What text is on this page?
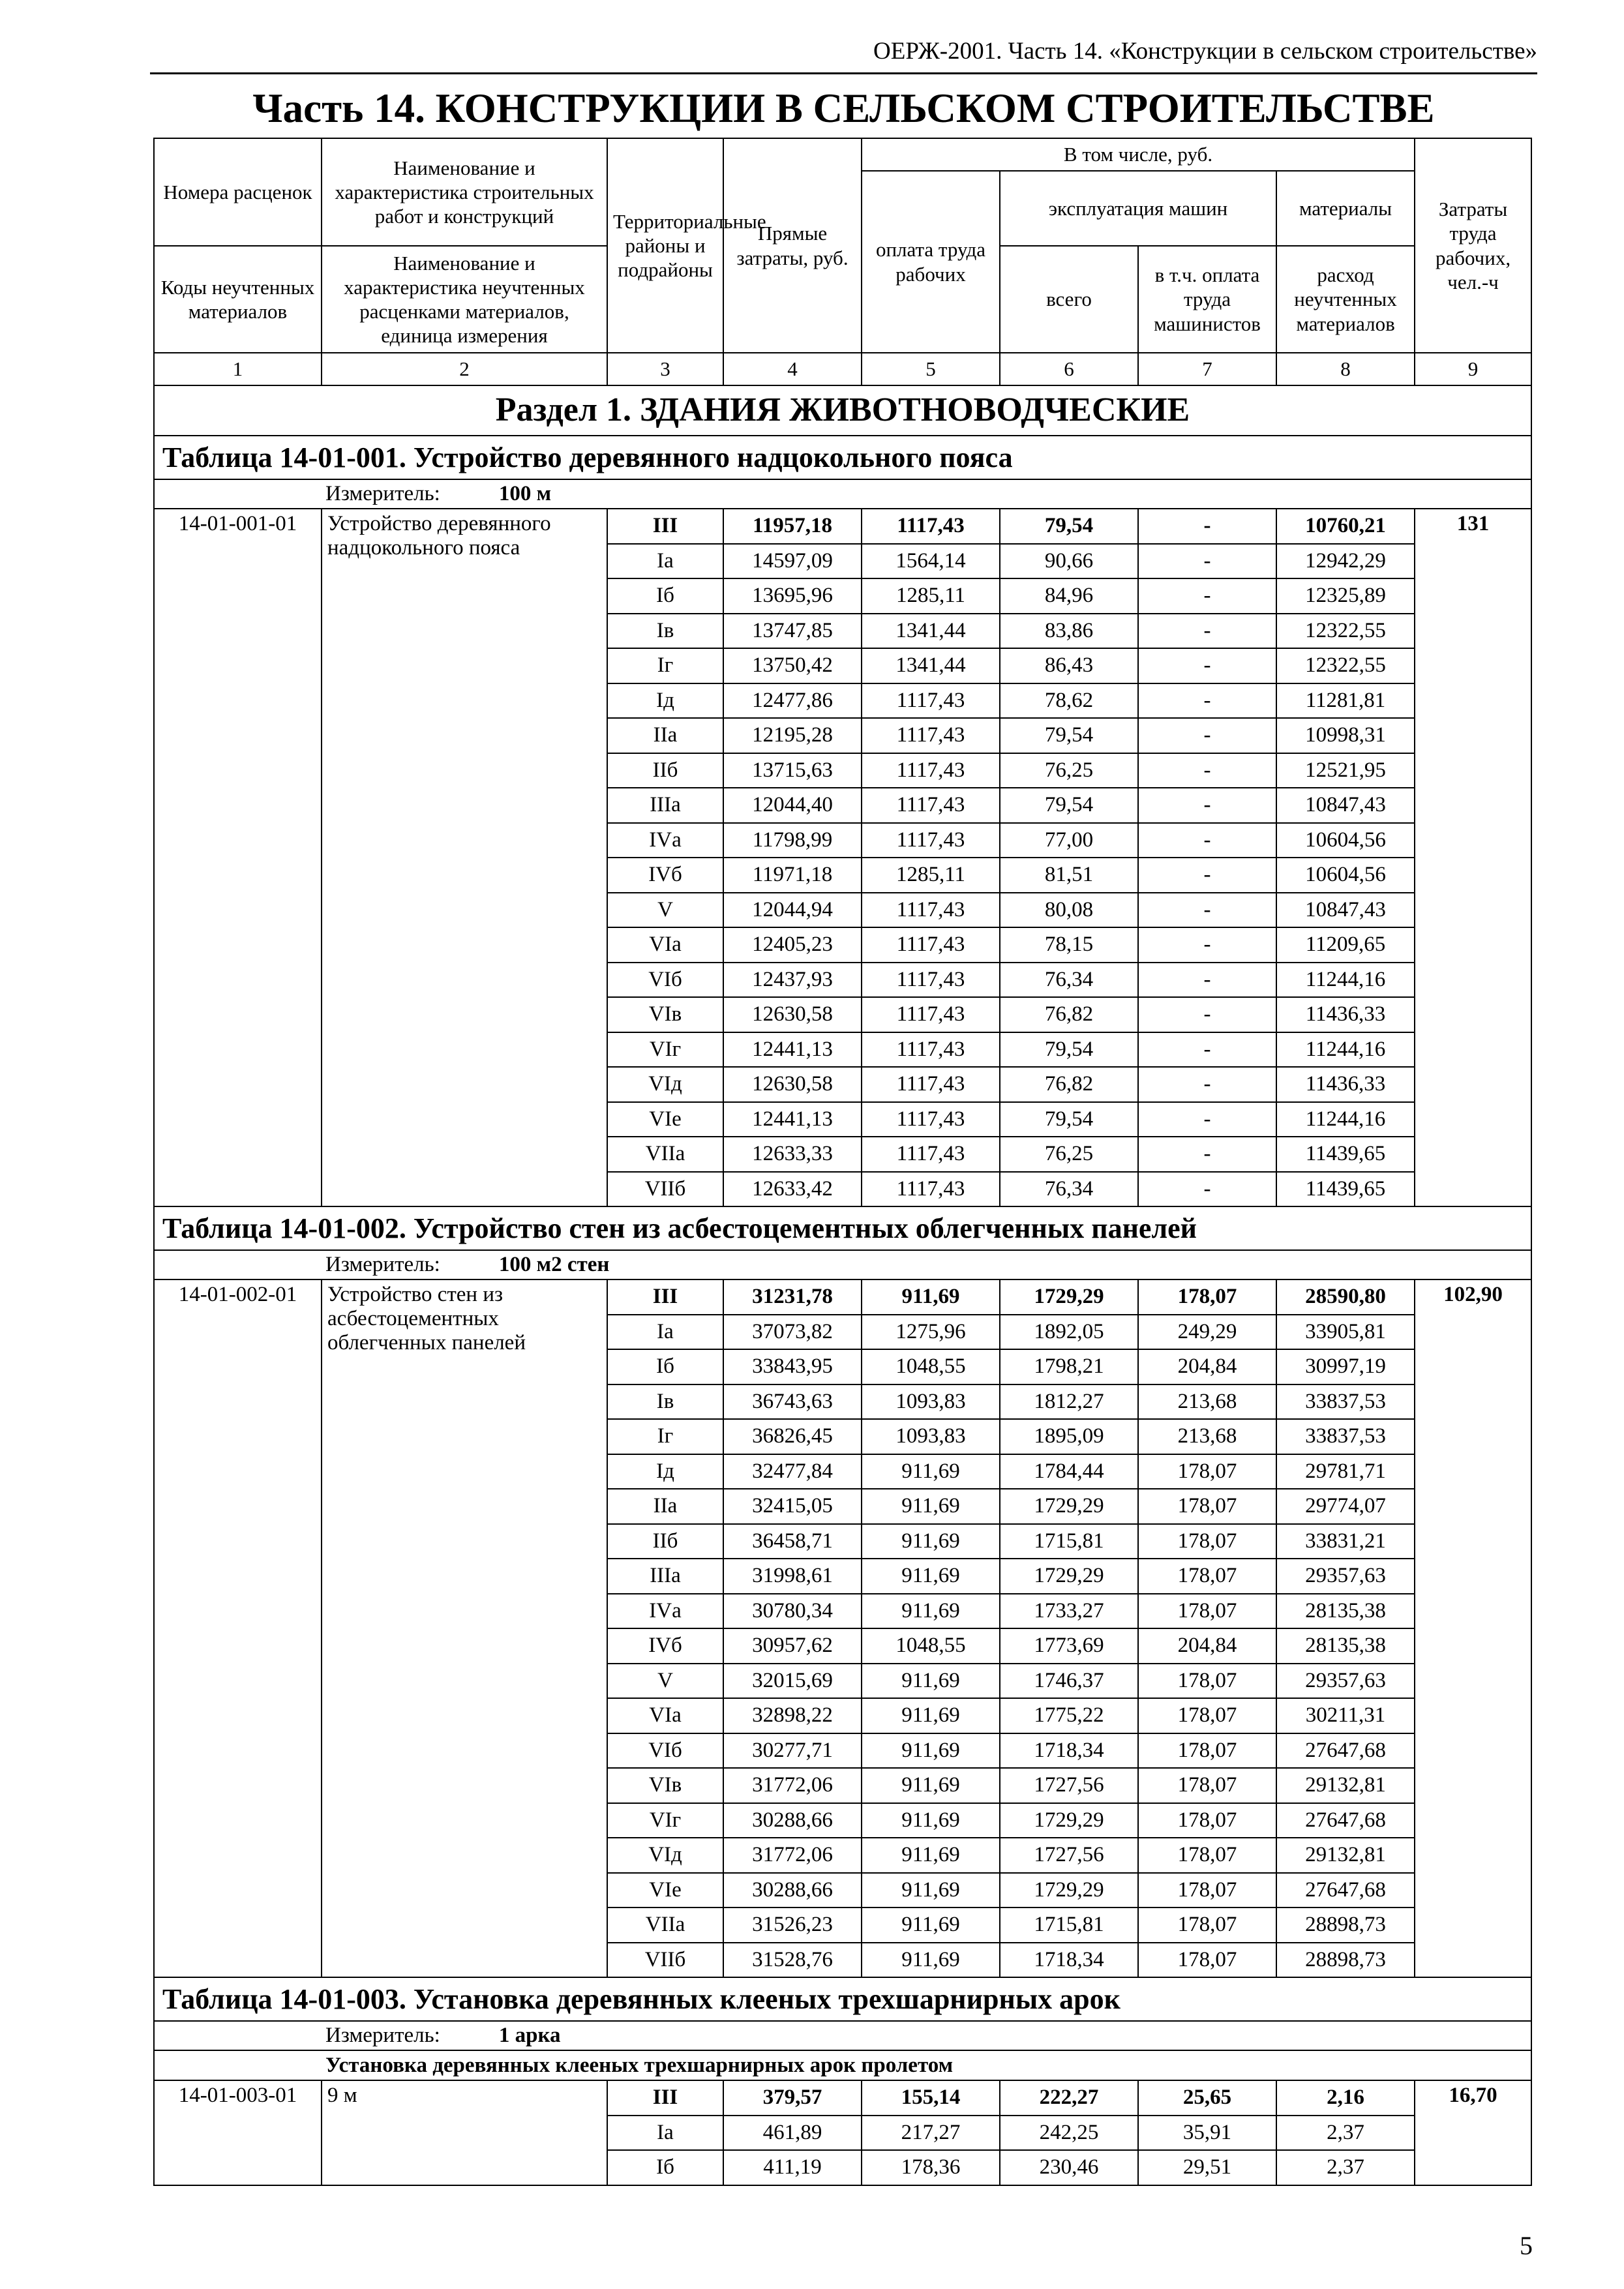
ОЕРЖ-2001. Часть 14. «Конструкции в сельском строительстве»
Часть 14. КОНСТРУКЦИИ В СЕЛЬСКОМ СТРОИТЕЛЬСТВЕ
Номера расценок	Наименование и характеристика строительных работ и конструкций	Территориальные районы и подрайоны	Прямые затраты, руб.	В том числе, руб.				Затраты труда рабочих, чел.-ч
				оплата труда рабочих	эксплуатация машин		материалы	
Коды неучтенных материалов	Наименование и характеристика неучтенных расценками материалов, единица измерения				всего	в т.ч. оплата труда машинистов	расход неучтенных материалов	

1	2	3	4	5	6	7	8	9
Раздел 1. ЗДАНИЯ ЖИВОТНОВОДЧЕСКИЕ								
Таблица 14-01-001. Устройство деревянного надцокольного пояса								
Измеритель: 100 м								
14-01-001-01	Устройство деревянного надцокольного пояса	III	11957,18	1117,43	79,54	-	10760,21	131
		Iа	14597,09	1564,14	90,66	-	12942,29	
		Iб	13695,96	1285,11	84,96	-	12325,89	
		Iв	13747,85	1341,44	83,86	-	12322,55	
		Iг	13750,42	1341,44	86,43	-	12322,55	
		Iд	12477,86	1117,43	78,62	-	11281,81	
		IIа	12195,28	1117,43	79,54	-	10998,31	
		IIб	13715,63	1117,43	76,25	-	12521,95	
		IIIа	12044,40	1117,43	79,54	-	10847,43	
		IVа	11798,99	1117,43	77,00	-	10604,56	
		IVб	11971,18	1285,11	81,51	-	10604,56	
		V	12044,94	1117,43	80,08	-	10847,43	
		VIа	12405,23	1117,43	78,15	-	11209,65	
		VIб	12437,93	1117,43	76,34	-	11244,16	
		VIв	12630,58	1117,43	76,82	-	11436,33	
		VIг	12441,13	1117,43	79,54	-	11244,16	
		VIд	12630,58	1117,43	76,82	-	11436,33	
		VIе	12441,13	1117,43	79,54	-	11244,16	
		VIIа	12633,33	1117,43	76,25	-	11439,65	
		VIIб	12633,42	1117,43	76,34	-	11439,65	
Таблица 14-01-002. Устройство стен из асбестоцементных облегченных панелей								
Измеритель: 100 м2 стен								
14-01-002-01	Устройство стен из асбестоцементных облегченных панелей	III	31231,78	911,69	1729,29	178,07	28590,80	102,90
		Iа	37073,82	1275,96	1892,05	249,29	33905,81	
		Iб	33843,95	1048,55	1798,21	204,84	30997,19	
		Iв	36743,63	1093,83	1812,27	213,68	33837,53	
		Iг	36826,45	1093,83	1895,09	213,68	33837,53	
		Iд	32477,84	911,69	1784,44	178,07	29781,71	
		IIа	32415,05	911,69	1729,29	178,07	29774,07	
		IIб	36458,71	911,69	1715,81	178,07	33831,21	
		IIIа	31998,61	911,69	1729,29	178,07	29357,63	
		IVа	30780,34	911,69	1733,27	178,07	28135,38	
		IVб	30957,62	1048,55	1773,69	204,84	28135,38	
		V	32015,69	911,69	1746,37	178,07	29357,63	
		VIа	32898,22	911,69	1775,22	178,07	30211,31	
		VIб	30277,71	911,69	1718,34	178,07	27647,68	
		VIв	31772,06	911,69	1727,56	178,07	29132,81	
		VIг	30288,66	911,69	1729,29	178,07	27647,68	
		VIд	31772,06	911,69	1727,56	178,07	29132,81	
		VIе	30288,66	911,69	1729,29	178,07	27647,68	
		VIIа	31526,23	911,69	1715,81	178,07	28898,73	
		VIIб	31528,76	911,69	1718,34	178,07	28898,73	
Таблица 14-01-003. Установка деревянных клееных трехшарнирных арок								
Измеритель: 1 арка								
Установка деревянных клееных трехшарнирных арок пролетом								
14-01-003-01	9 м	III	379,57	155,14	222,27	25,65	2,16	16,70
		Iа	461,89	217,27	242,25	35,91	2,37	
		Iб	411,19	178,36	230,46	29,51	2,37	
5
